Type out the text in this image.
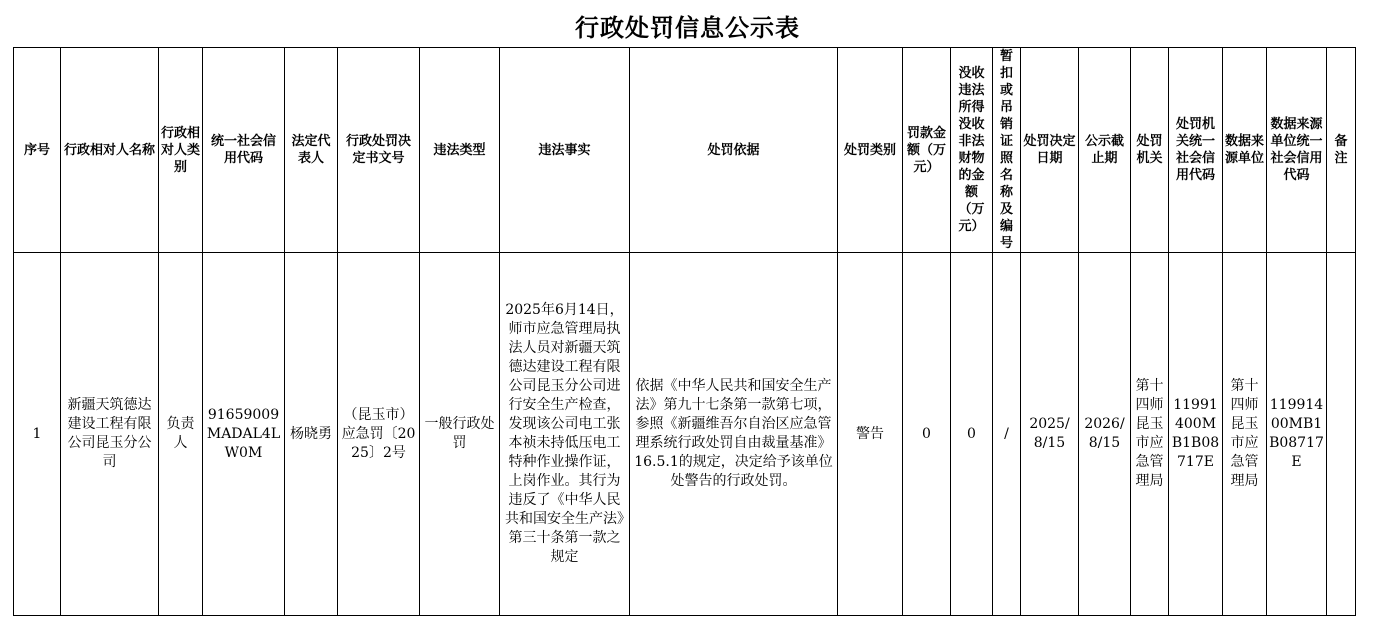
行政处罚信息公示表
序号	行政相对人名称	行政相对人类别	统一社会信用代码	法定代表人	行政处罚决定书文号	违法类型	违法事实	处罚依据	处罚类别	罚款金额（万元）	没收违法所得没收非法财物的金额（万元）	暂扣或吊销证照名称及编号	处罚决定日期	公示截止期	处罚机关	处罚机关统一社会信用代码	数据来源单位	数据来源单位统一社会信用代码	备注
1	新疆天筑德达建设工程有限公司昆玉分公司	负责人	91659009MADAL4LW0M	杨晓勇	（昆玉市）应急罚〔2025〕2号	一般行政处罚	2025年6月14日，师市应急管理局执法人员对新疆天筑德达建设工程有限公司昆玉分公司进行安全生产检查，发现该公司电工张本祯未持低压电工特种作业操作证，上岗作业。其行为违反了《中华人民共和国安全生产法》第三十条第一款之规定	依据《中华人民共和国安全生产法》第九十七条第一款第七项，参照《新疆维吾尔自治区应急管理系统行政处罚自由裁量基准》16.5.1的规定，决定给予该单位处警告的行政处罚。	警告	0	0	/	2025/8/15	2026/8/15	第十四师昆玉市应急管理局	11991400MB1B08717E	第十四师昆玉市应急管理局	11991400MB1B08717E	
